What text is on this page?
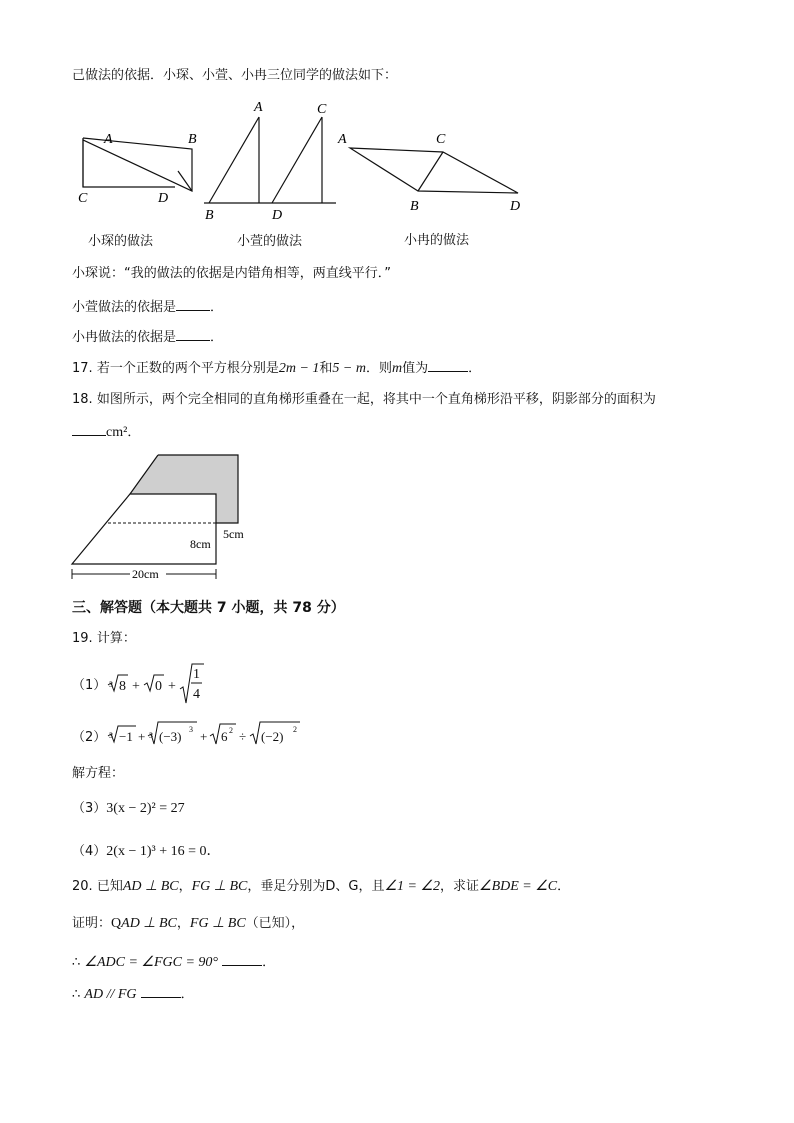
己做法的依据．小琛、小萱、小冉三位同学的做法如下：
A	B
C	D
A	C
B	D
A	C
B	D
小琛的做法	小萱的做法	小冉的做法
小琛说：“我的做法的依据是内错角相等，两直线平行．”
小萱做法的依据是	．
小冉做法的依据是	．
17. 若一个正数的两个平方根分别是2m − 1和5 − m．则m值为	．
18. 如图所示，两个完全相同的直角梯形重叠在一起，将其中一个直角梯形沿平移，阴影部分的面积为
cm²．
20cm
8cm
5cm
三、解答题（本大题共 7 小题，共 78 分）
19. 计算：
（1） 3 8 + 0 +
1
4
（2） 3 −1 + 3 (−3) 3 + 6 2 ÷ (−2) 2
解方程：
（3）3(x − 2)² = 27
（4）2(x − 1)³ + 16 = 0．
20. 已知AD ⊥ BC，FG ⊥ BC，垂足分别为D、G，且∠1 = ∠2，求证∠BDE = ∠C．
证明：QAD ⊥ BC，FG ⊥ BC（已知），
∴ ∠ADC = ∠FGC = 90°	．
∴ AD // FG	．
